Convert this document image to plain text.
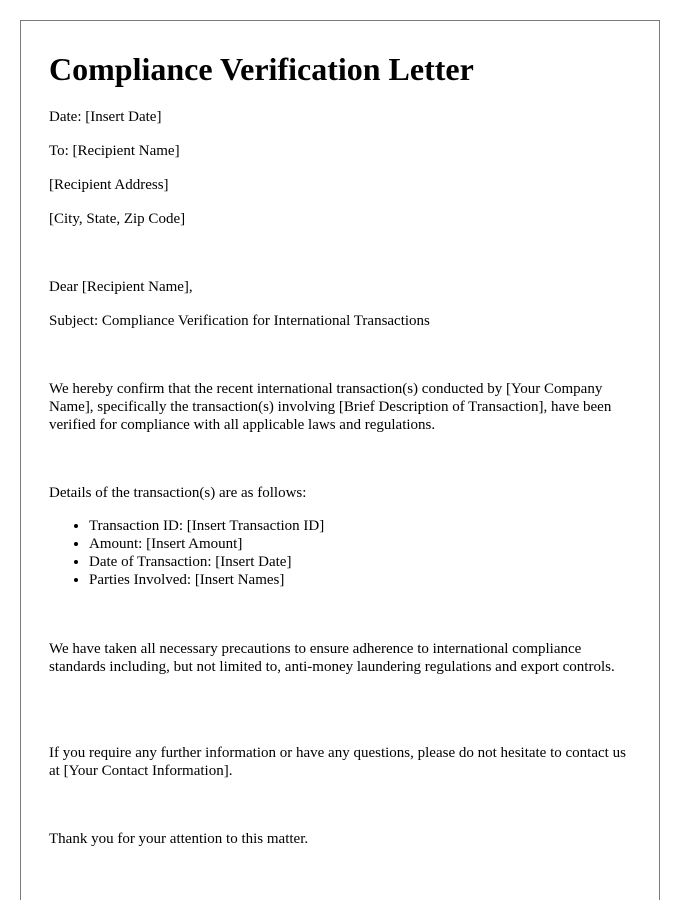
Compliance Verification Letter

Date: [Insert Date]

To: [Recipient Name]

[Recipient Address]

[City, State, Zip Code]

Dear [Recipient Name],

Subject: Compliance Verification for International Transactions

We hereby confirm that the recent international transaction(s) conducted by [Your Company Name], specifically the transaction(s) involving [Brief Description of Transaction], have been verified for compliance with all applicable laws and regulations.

Details of the transaction(s) are as follows:

• Transaction ID: [Insert Transaction ID]
• Amount: [Insert Amount]
• Date of Transaction: [Insert Date]
• Parties Involved: [Insert Names]

We have taken all necessary precautions to ensure adherence to international compliance standards including, but not limited to, anti-money laundering regulations and export controls.

If you require any further information or have any questions, please do not hesitate to contact us at [Your Contact Information].

Thank you for your attention to this matter.
